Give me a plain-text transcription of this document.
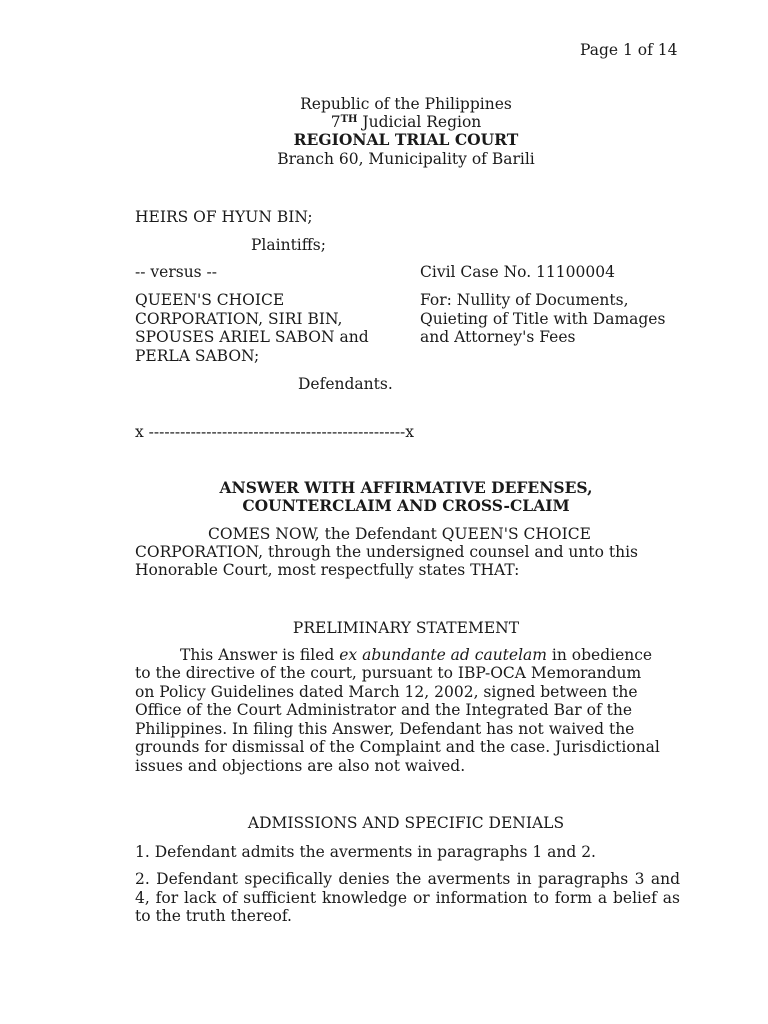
Page 1 of 14
Republic of the Philippines
7TH Judicial Region
REGIONAL TRIAL COURT
Branch 60, Municipality of Barili
HEIRS OF HYUN BIN;
Plaintiffs;
-- versus --	Civil Case No. 11100004
QUEEN'S CHOICE
CORPORATION, SIRI BIN,
SPOUSES ARIEL SABON and
PERLA SABON;
For: Nullity of Documents,
Quieting of Title with Damages
and Attorney's Fees
Defendants.
x -------------------------------------------------x
ANSWER WITH AFFIRMATIVE DEFENSES,
COUNTERCLAIM AND CROSS-CLAIM
COMES NOW, the Defendant QUEEN'S CHOICE
CORPORATION, through the undersigned counsel and unto this
Honorable Court, most respectfully states THAT:
PRELIMINARY STATEMENT
This Answer is filed ex abundante ad cautelam in obedience
to the directive of the court, pursuant to IBP-OCA Memorandum
on Policy Guidelines dated March 12, 2002, signed between the
Office of the Court Administrator and the Integrated Bar of the
Philippines. In filing this Answer, Defendant has not waived the
grounds for dismissal of the Complaint and the case. Jurisdictional
issues and objections are also not waived.
ADMISSIONS AND SPECIFIC DENIALS
1. Defendant admits the averments in paragraphs 1 and 2.
2. Defendant specifically denies the averments in paragraphs 3 and 4, for lack of sufficient knowledge or information to form a belief as to the truth thereof.
